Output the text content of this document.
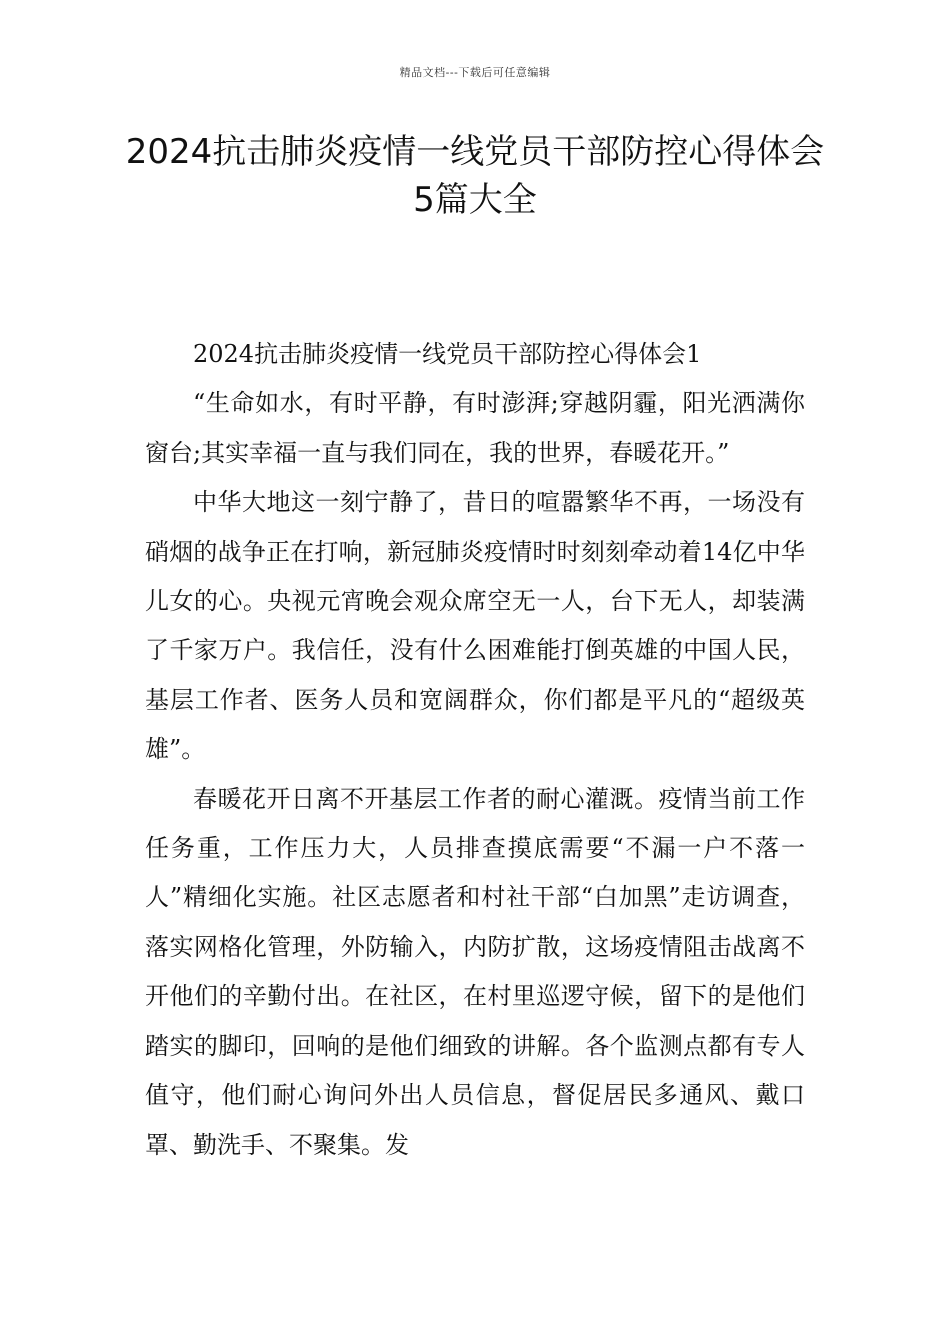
精品文档---下载后可任意编辑
2024抗击肺炎疫情一线党员干部防控心得体会5篇大全

2024抗击肺炎疫情一线党员干部防控心得体会1

“生命如水，有时平静，有时澎湃;穿越阴霾，阳光洒满你窗台;其实幸福一直与我们同在，我的世界，春暖花开。”

中华大地这一刻宁静了，昔日的喧嚣繁华不再，一场没有硝烟的战争正在打响，新冠肺炎疫情时时刻刻牵动着14亿中华儿女的心。央视元宵晚会观众席空无一人，台下无人，却装满了千家万户。我信任，没有什么困难能打倒英雄的中国人民，基层工作者、医务人员和宽阔群众，你们都是平凡的“超级英雄”。

春暖花开日离不开基层工作者的耐心灌溉。疫情当前工作任务重，工作压力大，人员排查摸底需要“不漏一户不落一人”精细化实施。社区志愿者和村社干部“白加黑”走访调查，落实网格化管理，外防输入，内防扩散，这场疫情阻击战离不开他们的辛勤付出。在社区，在村里巡逻守候，留下的是他们踏实的脚印，回响的是他们细致的讲解。各个监测点都有专人值守，他们耐心询问外出人员信息，督促居民多通风、戴口罩、勤洗手、不聚集。发
